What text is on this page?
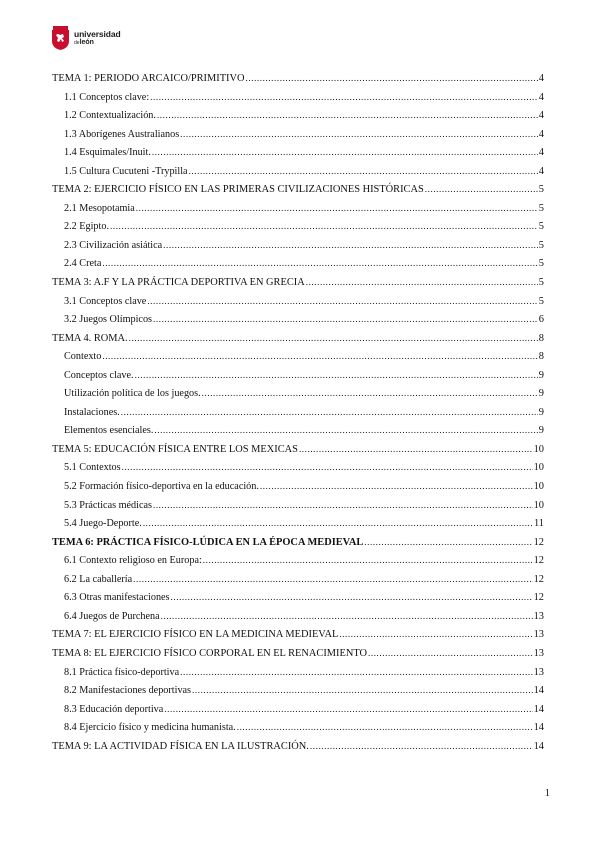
universidad
deleón
TEMA 1: PERIODO ARCAICO/PRIMITIVO .....	4
1.1 Conceptos clave: .....	4
1.2 Contextualización. .....	4
1.3 Aborígenes Australianos .....	4
1.4 Esquimales/Inuit. .....	4
1.5 Cultura Cucuteni -Trypilla .....	4
TEMA 2: EJERCICIO FÍSICO EN LAS PRIMERAS CIVILIZACIONES HISTÓRICAS .....	5
2.1 Mesopotamia .....	5
2.2 Egipto. .....	5
2.3 Civilización asiática .....	5
2.4 Creta .....	5
TEMA 3: A.F Y LA PRÁCTICA DEPORTIVA EN GRECIA .....	5
3.1 Conceptos clave .....	5
3.2 Juegos Olímpicos .....	6
TEMA 4. ROMA. .....	8
Contexto .....	8
Conceptos clave. .....	9
Utilización política de los juegos. .....	9
Instalaciones. .....	9
Elementos esenciales. .....	9
TEMA 5: EDUCACIÓN FÍSICA ENTRE LOS MEXICAS .....	10
5.1 Contextos .....	10
5.2 Formación físico-deportiva en la educación. .....	10
5.3 Prácticas médicas .....	10
5.4 Juego-Deporte. .....	11
TEMA 6: PRÁCTICA FÍSICO-LÚDICA EN LA ÉPOCA MEDIEVAL .....	12
6.1 Contexto religioso en Europa: .....	12
6.2 La caballería .....	12
6.3 Otras manifestaciones .....	12
6.4 Juegos de Purchena .....	13
TEMA 7: EL EJERCICIO FÍSICO EN LA MEDICINA MEDIEVAL .....	13
TEMA 8: EL EJERCICIO FÍSICO CORPORAL EN EL RENACIMIENTO .....	13
8.1 Práctica físico-deportiva .....	13
8.2 Manifestaciones deportivas .....	14
8.3 Educación deportiva .....	14
8.4 Ejercicio físico y medicina humanista. .....	14
TEMA 9: LA ACTIVIDAD FÍSICA EN LA ILUSTRACIÓN. .....	14
1
